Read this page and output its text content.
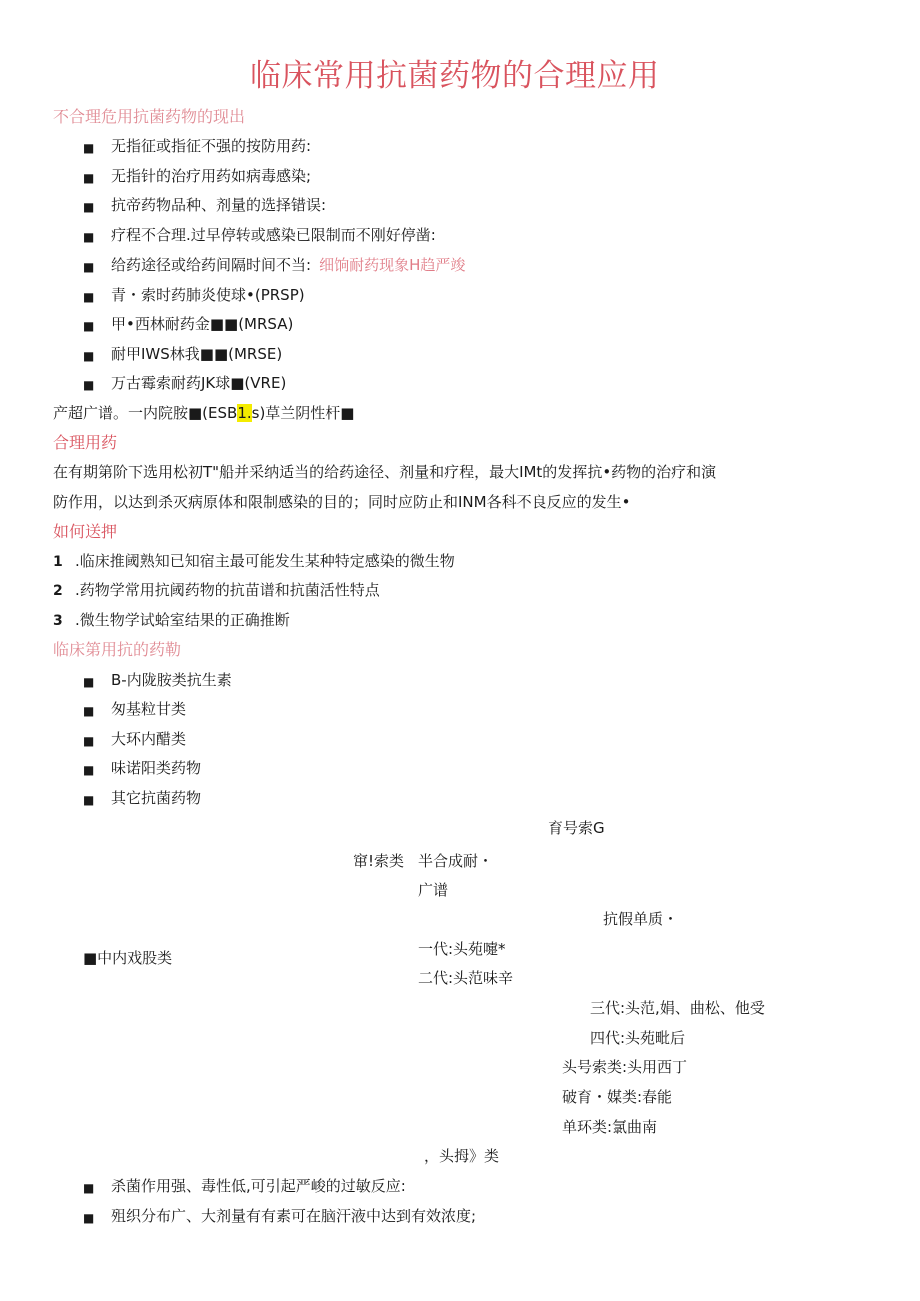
临床常用抗菌药物的合理应用
不合理危用抗菌药物的现出
■ 无指征或指征不强的按防用药:
■ 无指针的治疗用药如病毒感染;
■ 抗帝药物品种、剂量的选择错误:
■ 疗程不合理.过早停转或感染已限制而不刚好停凿:
■ 给药途径或给药间隔时间不当: 细饷耐药现象H趋严竣
■ 青・索时药肺炎使球•(PRSP)
■ 甲•西林耐药金■■(MRSA)
■ 耐甲IWS林我■■(MRSE)
■ 万古霉索耐药JK球■(VRE)
产超广谱。一内院胺■(ESB1.s)草兰阴性杆■
合理用药
在有期第阶下选用松初T"船并采纳适当的给药途径、剂量和疗程，最大IMt的发挥抗•药物的治疗和演
防作用，以达到杀灭病原体和限制感染的目的；同时应防止和INM各科不良反应的发生•
如何送押
1 .临床推阈熟知已知宿主最可能发生某种特定感染的微生物
2 .药物学常用抗阈药物的抗苗谱和抗菌活性特点
3 .微生物学试蛤室结果的正确推断
临床第用抗的药勒
■ B-内陇胺类抗生素
■ 匆基粒甘类
■ 大环内醋类
■ 味诺阳类药物
■ 其它抗菌药物
育号索G
窜!索类 半合成耐・
广谱
抗假单质・
■中内戏股类	一代:头苑嚏*
二代:头范味辛
三代:头范,娟、曲松、他受
四代:头苑毗后
头号索类:头用西丁
破育・媒类:春能
单环类:氯曲南
，头拇》类
■ 杀菌作用强、毒性低,可引起严峻的过敏反应:
■ 殂织分布广、大剂量有有素可在脑汗液中达到有效浓度;
